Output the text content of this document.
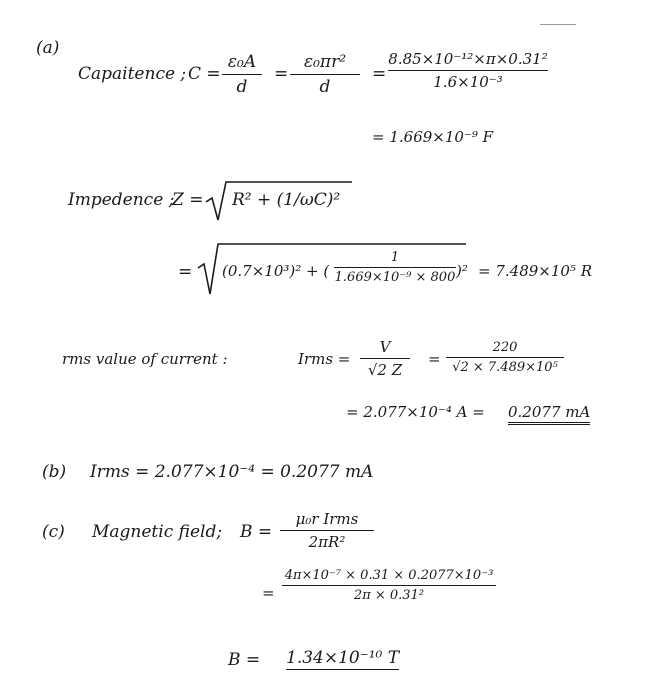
(a)
Capaitence ; C =
ε₀A
d
=
ε₀πr²
d
=
8.85×10⁻¹²×π×0.31²
1.6×10⁻³
= 1.669×10⁻⁹ F
Impedence ;
Z = R² + (1/ωC)²
= (0.7×10³)² + (
1
1.669×10⁻⁹ × 800 )² = 7.489×10⁵ R
rms value of current :	Irms =
V
√2 Z
=
220
√2 × 7.489×10⁵
= 2.077×10⁻⁴ A = 0.2077 mA
(b) Irms = 2.077×10⁻⁴ = 0.2077 mA
(c) Magnetic field; B =
μ₀r Irms
2πR²
=
4π×10⁻⁷ × 0.31 × 0.2077×10⁻³
2π × 0.31²
B = 1.34×10⁻¹⁰ T
